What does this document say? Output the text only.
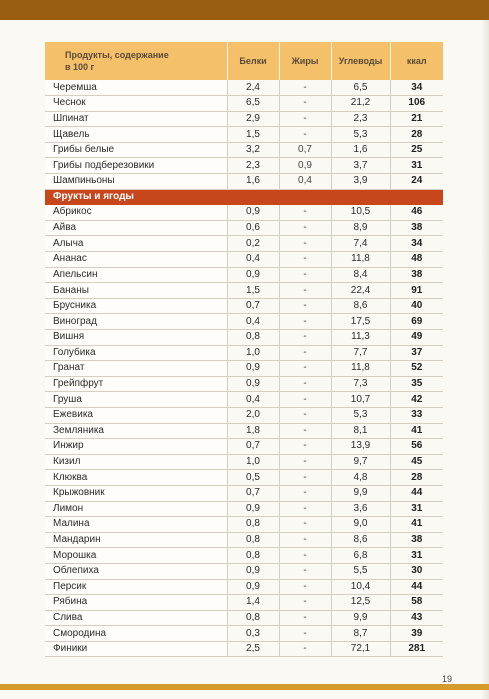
Продукты, содержание
в 100 г	Белки	Жиры	Углеводы	ккал
Черемша	2,4	-	6,5	34
Чеснок	6,5	-	21,2	106
Шпинат	2,9	-	2,3	21
Щавель	1,5	-	5,3	28
Грибы белые	3,2	0,7	1,6	25
Грибы подберезовики	2,3	0,9	3,7	31
Шампиньоны	1,6	0,4	3,9	24
Фрукты и ягоды				
Абрикос	0,9	-	10,5	46
Айва	0,6	-	8,9	38
Алыча	0,2	-	7,4	34
Ананас	0,4	-	11,8	48
Апельсин	0,9	-	8,4	38
Бананы	1,5	-	22,4	91
Брусника	0,7	-	8,6	40
Виноград	0,4	-	17,5	69
Вишня	0,8	-	11,3	49
Голубика	1,0	-	7,7	37
Гранат	0,9	-	11,8	52
Грейпфрут	0,9	-	7,3	35
Груша	0,4	-	10,7	42
Ежевика	2,0	-	5,3	33
Земляника	1,8	-	8,1	41
Инжир	0,7	-	13,9	56
Кизил	1,0	-	9,7	45
Клюква	0,5	-	4,8	28
Крыжовник	0,7	-	9,9	44
Лимон	0,9	-	3,6	31
Малина	0,8	-	9,0	41
Мандарин	0,8	-	8,6	38
Морошка	0,8	-	6,8	31
Облепиха	0,9	-	5,5	30
Персик	0,9	-	10,4	44
Рябина	1,4	-	12,5	58
Слива	0,8	-	9,9	43
Смородина	0,3	-	8,7	39
Финики	2,5	-	72,1	281
19
